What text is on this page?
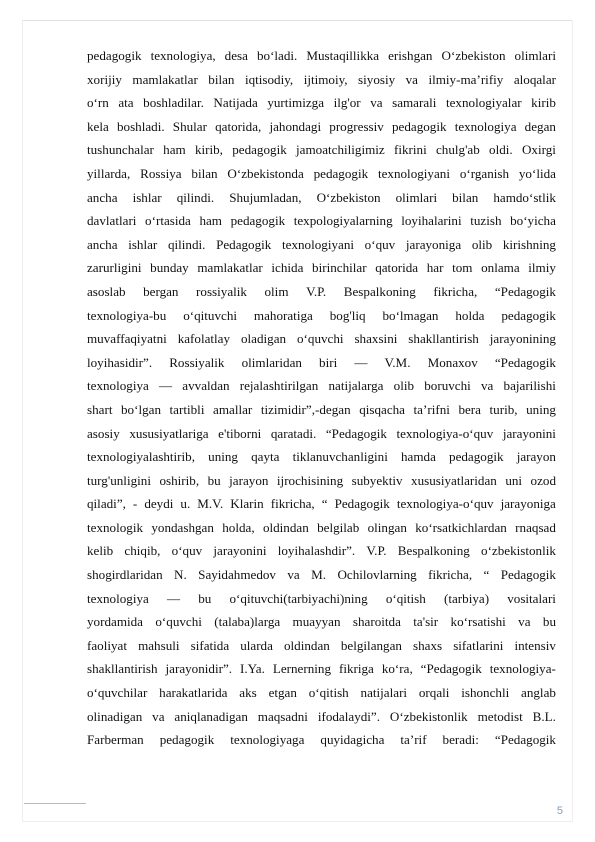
pedagogik texnologiya, desa bo‘ladi. Mustaqillikka erishgan O‘zbekiston olimlari
xorijiy mamlakatlar bilan iqtisodiy, ijtimoiy, siyosiy va ilmiy-ma’rifiy aloqalar
o‘rn ata boshladilar. Natijada yurtimizga ilg'or va samarali texnologiyalar kirib
kela boshladi. Shular qatorida, jahondagi progressiv pedagogik texnologiya degan
tushunchalar ham kirib, pedagogik jamoatchiligimiz fikrini chulg'ab oldi. Oxirgi
yillarda, Rossiya bilan O‘zbekistonda pedagogik texnologiyani o‘rganish yo‘lida
ancha ishlar qilindi. Shujumladan, O‘zbekiston olimlari bilan hamdo‘stlik
davlatlari o‘rtasida ham pedagogik texpologiyalarning loyihalarini tuzish bo‘yicha
ancha ishlar qilindi. Pedagogik texnologiyani o‘quv jarayoniga olib kirishning
zarurligini bunday mamlakatlar ichida birinchilar qatorida har tom onlama ilmiy
asoslab bergan rossiyalik olim V.P. Bespalkoning fikricha, “Pedagogik
texnologiya-bu o‘qituvchi mahoratiga bog'liq bo‘lmagan holda pedagogik
muvaffaqiyatni kafolatlay oladigan o‘quvchi shaxsini shakllantirish jarayonining
loyihasidir”. Rossiyalik olimlaridan biri — V.M. Monaxov “Pedagogik
texnologiya — avvaldan rejalashtirilgan natijalarga olib boruvchi va bajarilishi
shart bo‘lgan tartibli amallar tizimidir”,-degan qisqacha ta’rifni bera turib, uning
asosiy xususiyatlariga e'tiborni qaratadi. “Pedagogik texnologiya-o‘quv jarayonini
texnologiyalashtirib, uning qayta tiklanuvchanligini hamda pedagogik jarayon
turg'unligini oshirib, bu jarayon ijrochisining subyektiv xususiyatlaridan uni ozod
qiladi”, - deydi u. M.V. Klarin fikricha, “ Pedagogik texnologiya-o‘quv jarayoniga
texnologik yondashgan holda, oldindan belgilab olingan ko‘rsatkichlardan rnaqsad
kelib chiqib, o‘quv jarayonini loyihalashdir”. V.P. Bespalkoning o‘zbekistonlik
shogirdlaridan N. Sayidahmedov va M. Ochilovlarning fikricha, “ Pedagogik
texnologiya — bu o‘qituvchi(tarbiyachi)ning o‘qitish (tarbiya) vositalari
yordamida o‘quvchi (talaba)larga muayyan sharoitda ta'sir ko‘rsatishi va bu
faoliyat mahsuli sifatida ularda oldindan belgilangan shaxs sifatlarini intensiv
shakllantirish jarayonidir”. I.Ya. Lernerning fikriga ko‘ra, “Pedagogik texnologiya-
o‘quvchilar harakatlarida aks etgan o‘qitish natijalari orqali ishonchli anglab
olinadigan va aniqlanadigan maqsadni ifodalaydi”. O‘zbekistonlik metodist B.L.
Farberman pedagogik texnologiyaga quyidagicha ta’rif beradi: “Pedagogik
5
